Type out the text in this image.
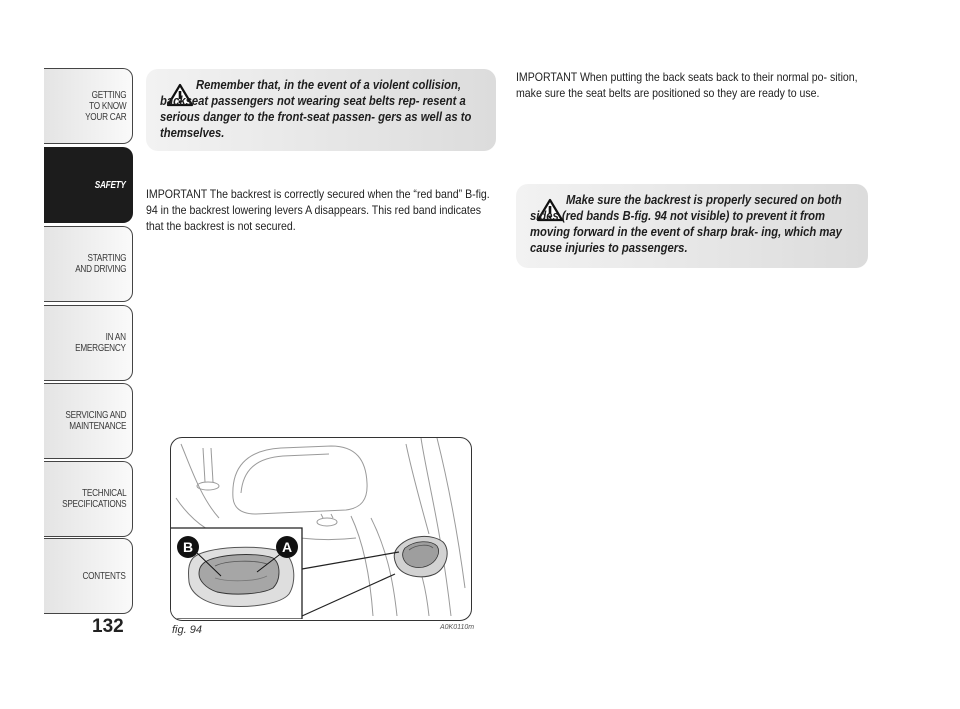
GETTING
TO KNOW
YOUR CAR
SAFETY
STARTING
AND DRIVING
IN AN
EMERGENCY
SERVICING AND
MAINTENANCE
TECHNICAL
SPECIFICATIONS
CONTENTS
132
Remember that, in the event of a violent collision, backseat passengers not wearing seat belts rep- resent a serious danger to the front-seat passen- gers as well as to themselves.
IMPORTANT The backrest is correctly secured when the “red band” B-fig. 94 in the backrest lowering levers A disappears. This red band indicates that the backrest is not secured.
IMPORTANT When putting the back seats back to their normal po- sition, make sure the seat belts are positioned so they are ready to use.
Make sure the backrest is properly secured on both sides (red bands B-fig. 94 not visible) to prevent it from moving forward in the event of sharp brak- ing, which may cause injuries to passengers.
B	A
fig. 94	A0K0110m
